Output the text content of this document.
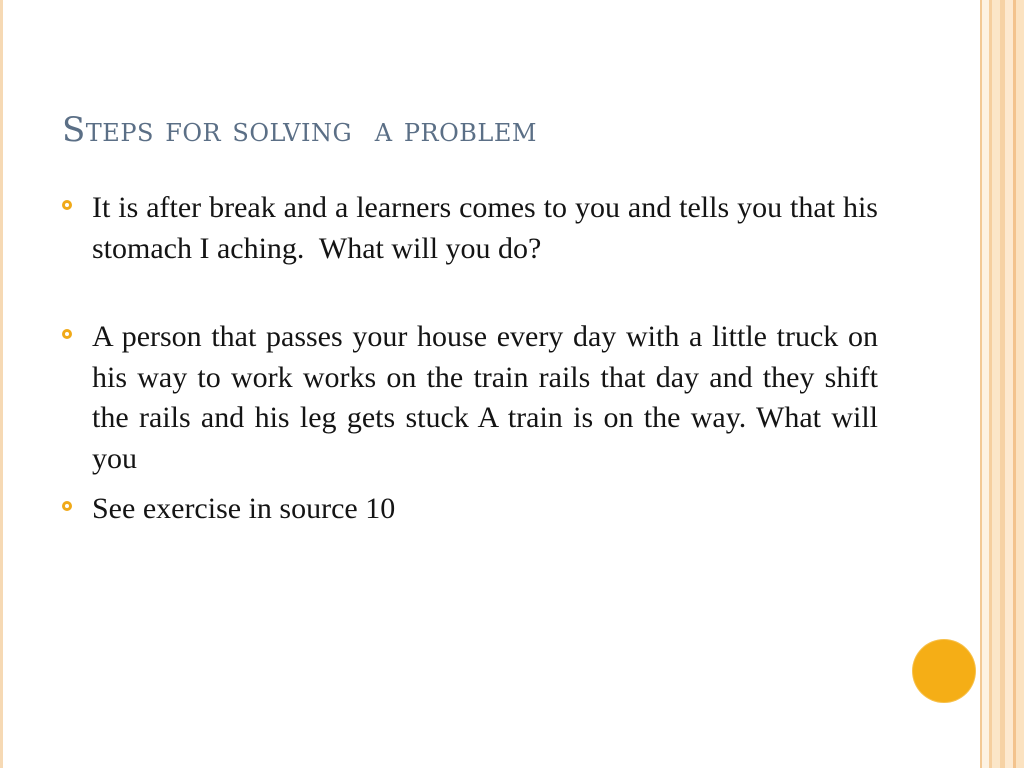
Steps for solving  a problem
It is after break and a learners comes to you and tells you that his stomach I aching.  What will you do?
A person that passes your house every day with a little truck on his way to work works on the train rails that day and they shift the rails and his leg gets stuck A train is on the way. What will you
See exercise in source 10
